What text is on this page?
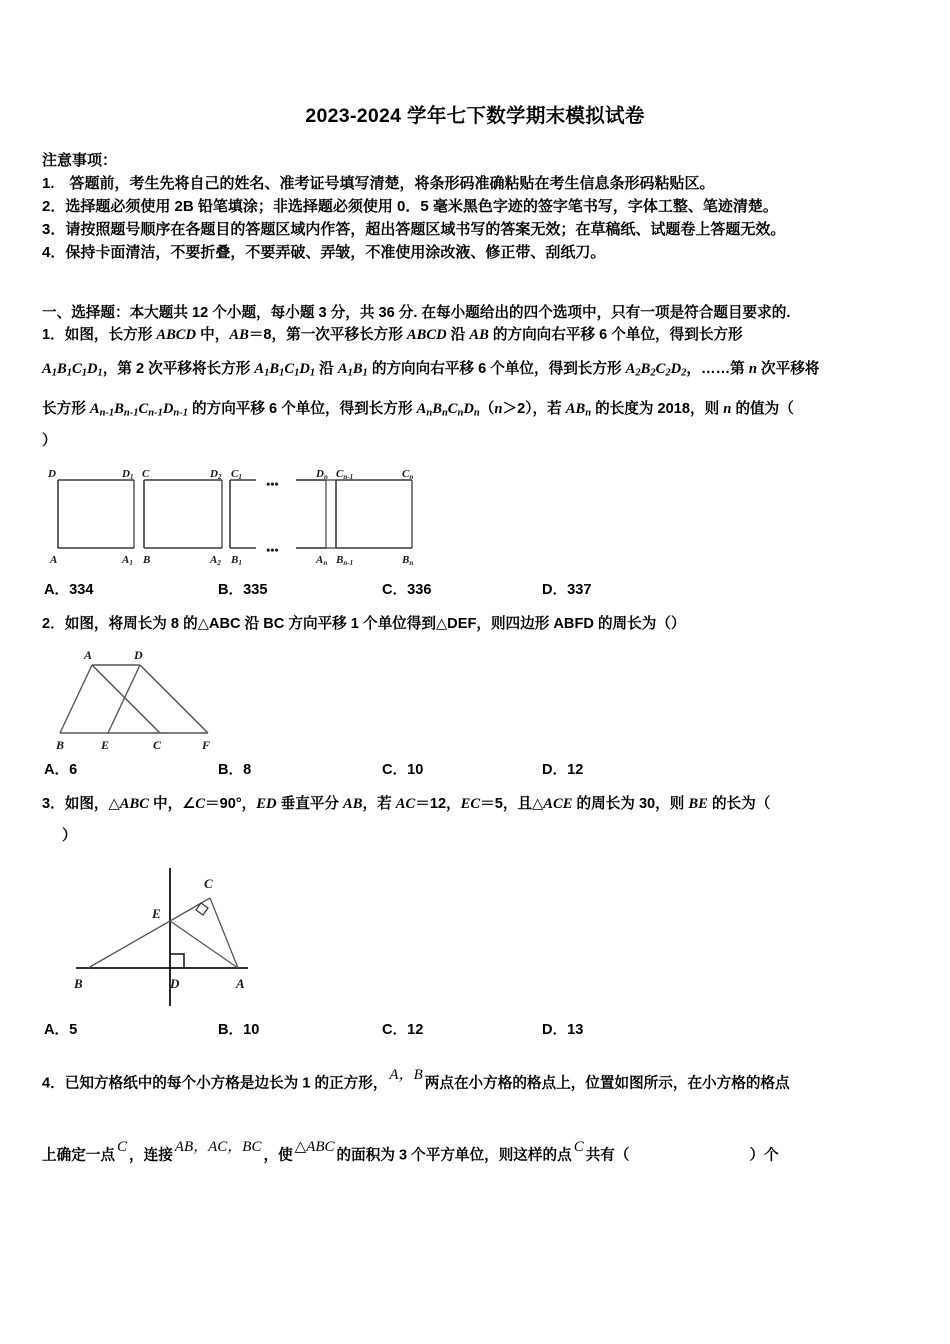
2023-2024 学年七下数学期末模拟试卷
注意事项：
1.　答题前，考生先将自己的姓名、准考证号填写清楚，将条形码准确粘贴在考生信息条形码粘贴区。
2．选择题必须使用 2B 铅笔填涂；非选择题必须使用 0．5 毫米黑色字迹的签字笔书写，字体工整、笔迹清楚。
3．请按照题号顺序在各题目的答题区域内作答，超出答题区域书写的答案无效；在草稿纸、试题卷上答题无效。
4．保持卡面清洁，不要折叠，不要弄破、弄皱，不准使用涂改液、修正带、刮纸刀。
一、选择题：本大题共 12 个小题，每小题 3 分，共 36 分. 在每小题给出的四个选项中，只有一项是符合题目要求的.
1．如图，长方形 ABCD 中，AB＝8，第一次平移长方形 ABCD 沿 AB 的方向向右平移 6 个单位，得到长方形
$A_1B_1C_1D_1$，第 2 次平移将长方形 $A_1B_1C_1D_1$ 沿 $A_1B_1$ 的方向向右平移 6 个单位，得到长方形 $A_2B_2C_2D_2$，……第 n 次平移将
长方形 $A_{n-1}B_{n-1}C_{n-1}D_{n-1}$ 的方向平移 6 个单位，得到长方形 $A_nB_nC_nD_n(n>2)$，若 $AB_n$ 的长度为 2018，则 n 的值为（
）
•••
•••
D	D1 C	D2 C1	Dn Cn-1	Cn
A	A1 B	A2 B1	An Bn-1	Bn
A．334	B．335	C．336	D．337
2．如图，将周长为 8 的△ABC 沿 BC 方向平移 1 个单位得到△DEF，则四边形 ABFD 的周长为（）
A	D
B	E	C	F
A．6	B．8	C．10	D．12
3．如图，△ABC 中，∠C＝90°，ED 垂直平分 AB，若 AC＝12，EC＝5，且△ACE 的周长为 30，则 BE 的长为（
）
C
E
B	D	A
A．5	B．10	C．12	D．13
4．已知方格纸中的每个小方格是边长为 1 的正方形，A，B两点在小方格的格点上，位置如图所示，在小方格的格点
上确定一点C，连接AB，AC，BC，使△ABC的面积为 3 个平方单位，则这样的点C共有（	）个
